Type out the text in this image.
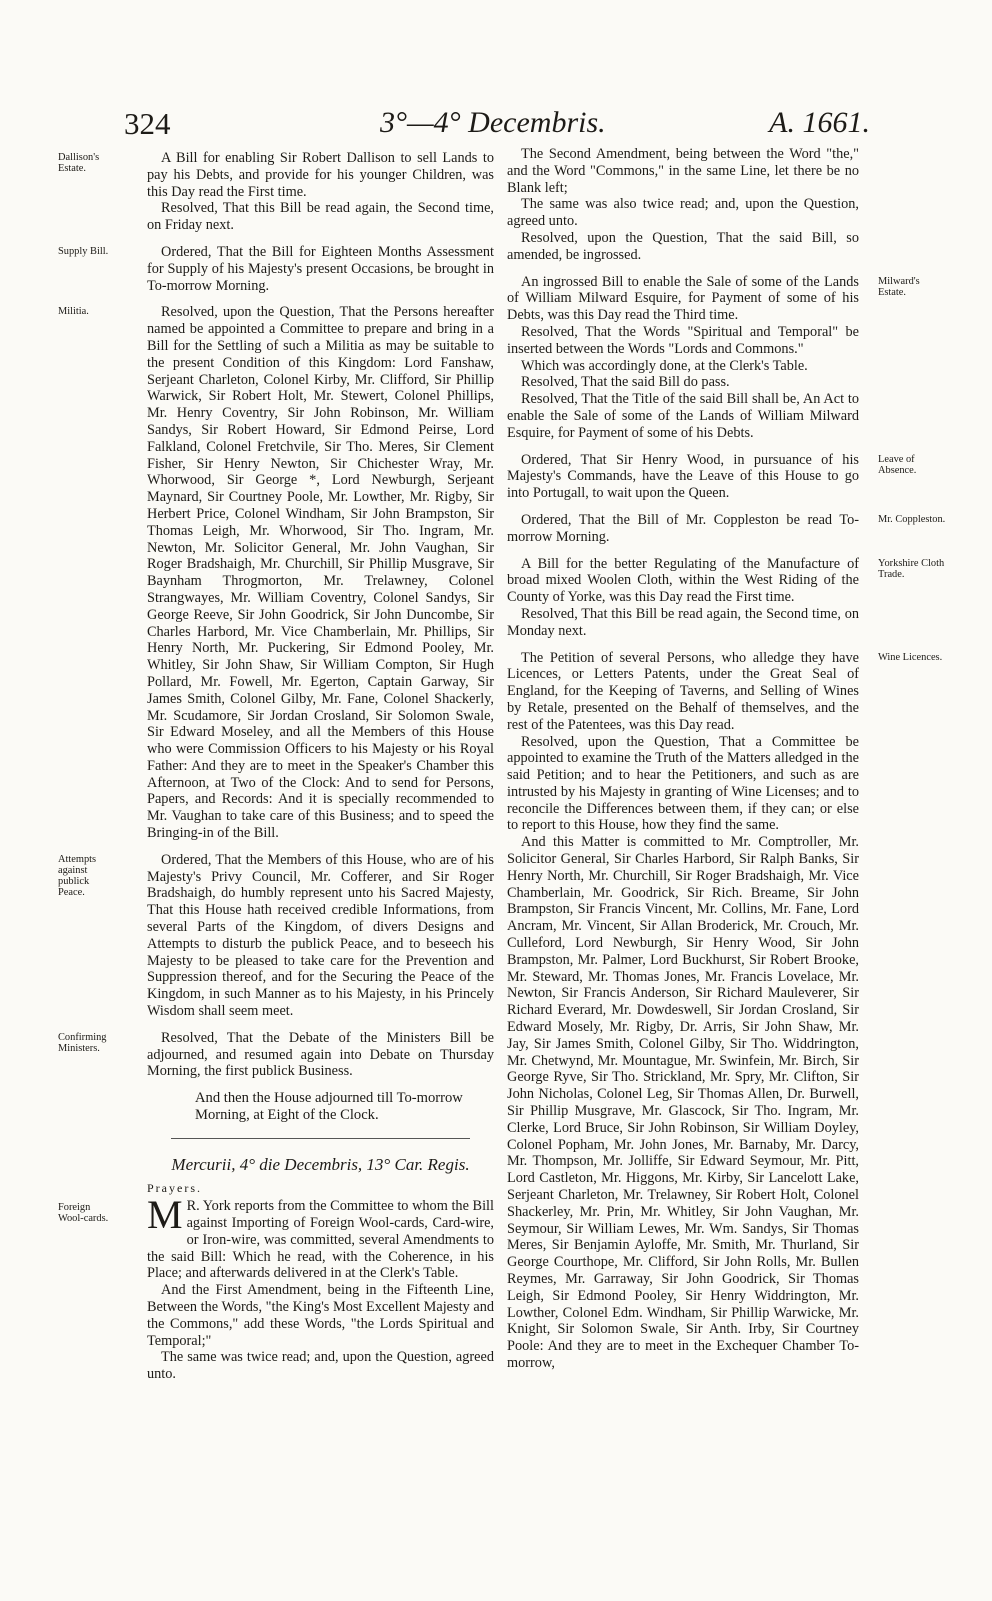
324	3°—4° Decembris.	A. 1661.
Dallison's Estate.

A Bill for enabling Sir Robert Dallison to sell Lands to pay his Debts, and provide for his younger Children, was this Day read the First time.

Resolved, That this Bill be read again, the Second time, on Friday next.

Supply Bill.	Ordered, That the Bill for Eighteen Months Assessment for Supply of his Majesty's present Occasions, be brought in To-morrow Morning.

Militia.	Resolved, upon the Question, That the Persons hereafter named be appointed a Committee to prepare and bring in a Bill for the Settling of such a Militia as may be suitable to the present Condition of this Kingdom: Lord Fanshaw, Serjeant Charleton, Colonel Kirby, Mr. Clifford, Sir Phillip Warwick, Sir Robert Holt, Mr. Stewert, Colonel Phillips, Mr. Henry Coventry, Sir John Robinson, Mr. William Sandys, Sir Robert Howard, Sir Edmond Peirse, Lord Falkland, Colonel Fretchvile, Sir Tho. Meres, Sir Clement Fisher, Sir Henry Newton, Sir Chichester Wray, Mr. Whorwood, Sir George *, Lord Newburgh, Serjeant Maynard, Sir Courtney Poole, Mr. Lowther, Mr. Rigby, Sir Herbert Price, Colonel Windham, Sir John Brampston, Sir Thomas Leigh, Mr. Whorwood, Sir Tho. Ingram, Mr. Newton, Mr. Solicitor General, Mr. John Vaughan, Sir Roger Bradshaigh, Mr. Churchill, Sir Phillip Musgrave, Sir Baynham Throgmorton, Mr. Trelawney, Colonel Strangwayes, Mr. William Coventry, Colonel Sandys, Sir George Reeve, Sir John Goodrick, Sir John Duncombe, Sir Charles Harbord, Mr. Vice Chamberlain, Mr. Phillips, Sir Henry North, Mr. Puckering, Sir Edmond Pooley, Mr. Whitley, Sir John Shaw, Sir William Compton, Sir Hugh Pollard, Mr. Fowell, Mr. Egerton, Captain Garway, Sir James Smith, Colonel Gilby, Mr. Fane, Colonel Shackerly, Mr. Scudamore, Sir Jordan Crosland, Sir Solomon Swale, Sir Edward Moseley, and all the Members of this House who were Commission Officers to his Majesty or his Royal Father: And they are to meet in the Speaker's Chamber this Afternoon, at Two of the Clock: And to send for Persons, Papers, and Records: And it is specially recommended to Mr. Vaughan to take care of this Business; and to speed the Bringing-in of the Bill.

Attempts against publick Peace.

Ordered, That the Members of this House, who are of his Majesty's Privy Council, Mr. Cofferer, and Sir Roger Bradshaigh, do humbly represent unto his Sacred Majesty, That this House hath received credible Informations, from several Parts of the Kingdom, of divers Designs and Attempts to disturb the publick Peace, and to beseech his Majesty to be pleased to take care for the Prevention and Suppression thereof, and for the Securing the Peace of the Kingdom, in such Manner as to his Majesty, in his Princely Wisdom shall seem meet.

Confirming Ministers.

Resolved, That the Debate of the Ministers Bill be adjourned, and resumed again into Debate on Thursday Morning, the first publick Business.

And then the House adjourned till To-morrow Morning, at Eight of the Clock.

Mercurii, 4° die Decembris, 13° Car. Regis.

Prayers.

Foreign Wool-cards. M R. York reports from the Committee to whom the Bill against Importing of Foreign Wool-cards, Card-wire, or Iron-wire, was committed, several Amendments to the said Bill: Which he read, with the Coherence, in his Place; and afterwards delivered in at the Clerk's Table.

And the First Amendment, being in the Fifteenth Line, Between the Words, "the King's Most Excellent Majesty and the Commons," add these Words, "the Lords Spiritual and Temporal;"

The same was twice read; and, upon the Question, agreed unto.

The Second Amendment, being between the Word "the," and the Word "Commons," in the same Line, let there be no Blank left;

The same was also twice read; and, upon the Question, agreed unto.

Resolved, upon the Question, That the said Bill, so amended, be ingrossed.

Milward's Estate.

An ingrossed Bill to enable the Sale of some of the Lands of William Milward Esquire, for Payment of some of his Debts, was this Day read the Third time.

Resolved, That the Words "Spiritual and Temporal" be inserted between the Words "Lords and Commons."

Which was accordingly done, at the Clerk's Table.

Resolved, That the said Bill do pass.

Resolved, That the Title of the said Bill shall be, An Act to enable the Sale of some of the Lands of William Milward Esquire, for Payment of some of his Debts.

Leave of Absence.

Ordered, That Sir Henry Wood, in pursuance of his Majesty's Commands, have the Leave of this House to go into Portugall, to wait upon the Queen.

Mr. Coppleston.

Ordered, That the Bill of Mr. Coppleston be read To-morrow Morning.

Yorkshire Cloth Trade.

A Bill for the better Regulating of the Manufacture of broad mixed Woolen Cloth, within the West Riding of the County of Yorke, was this Day read the First time.

Resolved, That this Bill be read again, the Second time, on Monday next.

Wine Licences.

The Petition of several Persons, who alledge they have Licences, or Letters Patents, under the Great Seal of England, for the Keeping of Taverns, and Selling of Wines by Retale, presented on the Behalf of themselves, and the rest of the Patentees, was this Day read.

Resolved, upon the Question, That a Committee be appointed to examine the Truth of the Matters alledged in the said Petition; and to hear the Petitioners, and such as are intrusted by his Majesty in granting of Wine Licenses; and to reconcile the Differences between them, if they can; or else to report to this House, how they find the same.

And this Matter is committed to Mr. Comptroller, Mr. Solicitor General, Sir Charles Harbord, Sir Ralph Banks, Sir Henry North, Mr. Churchill, Sir Roger Bradshaigh, Mr. Vice Chamberlain, Mr. Goodrick, Sir Rich. Breame, Sir John Brampston, Sir Francis Vincent, Mr. Collins, Mr. Fane, Lord Ancram, Mr. Vincent, Sir Allan Broderick, Mr. Crouch, Mr. Culleford, Lord Newburgh, Sir Henry Wood, Sir John Brampston, Mr. Palmer, Lord Buckhurst, Sir Robert Brooke, Mr. Steward, Mr. Thomas Jones, Mr. Francis Lovelace, Mr. Newton, Sir Francis Anderson, Sir Richard Mauleverer, Sir Richard Everard, Mr. Dowdeswell, Sir Jordan Crosland, Sir Edward Mosely, Mr. Rigby, Dr. Arris, Sir John Shaw, Mr. Jay, Sir James Smith, Colonel Gilby, Sir Tho. Widdrington, Mr. Chetwynd, Mr. Mountague, Mr. Swinfein, Mr. Birch, Sir George Ryve, Sir Tho. Strickland, Mr. Spry, Mr. Clifton, Sir John Nicholas, Colonel Leg, Sir Thomas Allen, Dr. Burwell, Sir Phillip Musgrave, Mr. Glascock, Sir Tho. Ingram, Mr. Clerke, Lord Bruce, Sir John Robinson, Sir William Doyley, Colonel Popham, Mr. John Jones, Mr. Barnaby, Mr. Darcy, Mr. Thompson, Mr. Jolliffe, Sir Edward Seymour, Mr. Pitt, Lord Castleton, Mr. Higgons, Mr. Kirby, Sir Lancelott Lake, Serjeant Charleton, Mr. Trelawney, Sir Robert Holt, Colonel Shackerley, Mr. Prin, Mr. Whitley, Sir John Vaughan, Mr. Seymour, Sir William Lewes, Mr. Wm. Sandys, Sir Thomas Meres, Sir Benjamin Ayloffe, Mr. Smith, Mr. Thurland, Sir George Courthope, Mr. Clifford, Sir John Rolls, Mr. Bullen Reymes, Mr. Garraway, Sir John Goodrick, Sir Thomas Leigh, Sir Edmond Pooley, Sir Henry Widdrington, Mr. Lowther, Colonel Edm. Windham, Sir Phillip Warwicke, Mr. Knight, Sir Solomon Swale, Sir Anth. Irby, Sir Courtney Poole: And they are to meet in the Exchequer Chamber To-morrow,
